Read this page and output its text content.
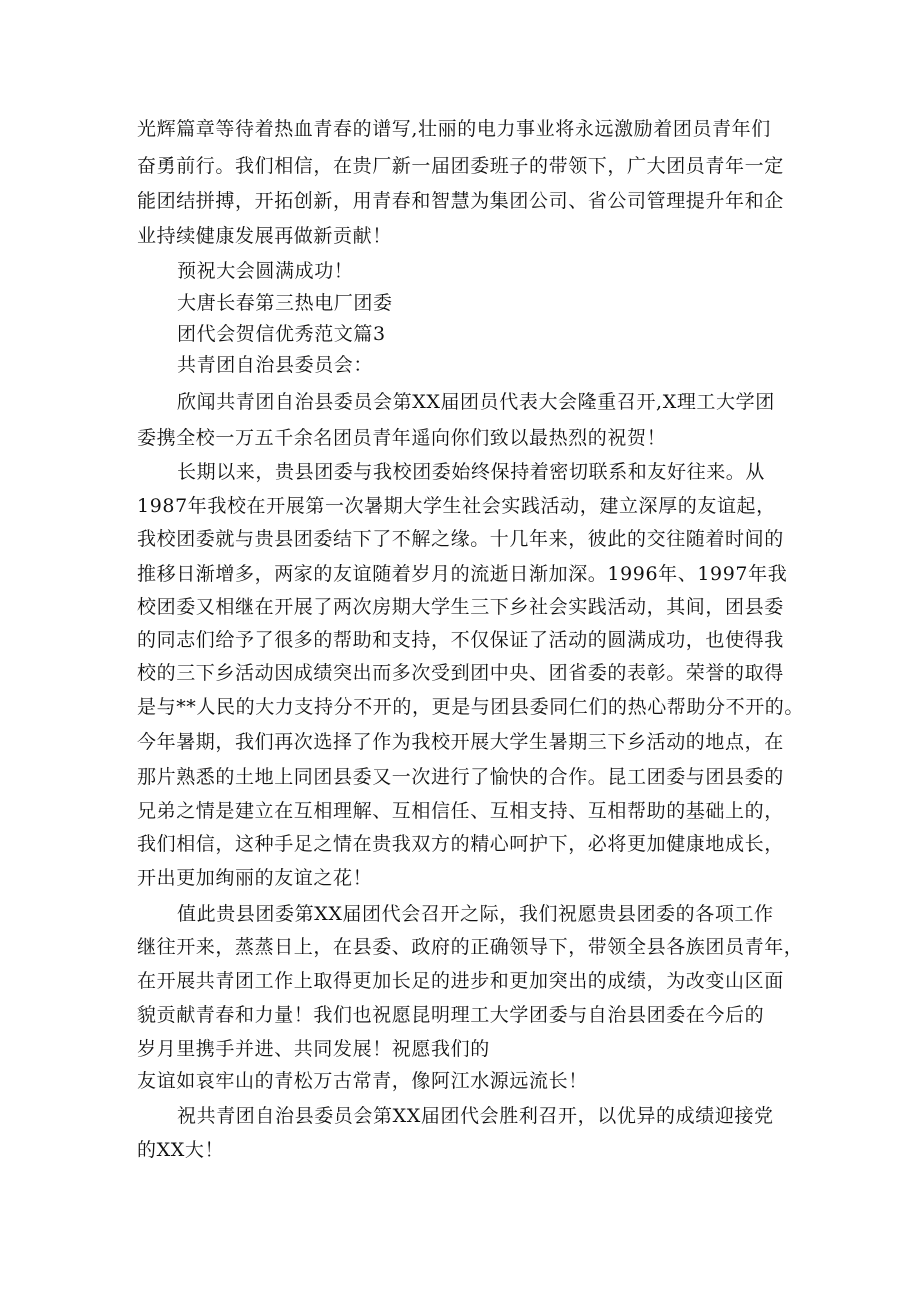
光辉篇章等待着热血青春的谱写,壮丽的电力事业将永远激励着团员青年们
奋勇前行。我们相信，在贵厂新一届团委班子的带领下，广大团员青年一定
能团结拼搏，开拓创新，用青春和智慧为集团公司、省公司管理提升年和企
业持续健康发展再做新贡献！
预祝大会圆满成功！
大唐长春第三热电厂团委
团代会贺信优秀范文篇3
共青团自治县委员会：
欣闻共青团自治县委员会第XX届团员代表大会隆重召开,X理工大学团
委携全校一万五千余名团员青年遥向你们致以最热烈的祝贺！
长期以来，贵县团委与我校团委始终保持着密切联系和友好往来。从
1987年我校在开展第一次暑期大学生社会实践活动，建立深厚的友谊起，
我校团委就与贵县团委结下了不解之缘。十几年来，彼此的交往随着时间的
推移日渐增多，两家的友谊随着岁月的流逝日渐加深。1996年、1997年我
校团委又相继在开展了两次房期大学生三下乡社会实践活动，其间，团县委
的同志们给予了很多的帮助和支持，不仅保证了活动的圆满成功，也使得我
校的三下乡活动因成绩突出而多次受到团中央、团省委的表彰。荣誉的取得
是与**人民的大力支持分不开的，更是与团县委同仁们的热心帮助分不开的。
今年暑期，我们再次选择了作为我校开展大学生暑期三下乡活动的地点，在
那片熟悉的土地上同团县委又一次进行了愉快的合作。昆工团委与团县委的
兄弟之情是建立在互相理解、互相信任、互相支持、互相帮助的基础上的，
我们相信，这种手足之情在贵我双方的精心呵护下，必将更加健康地成长，
开出更加绚丽的友谊之花！
值此贵县团委第XX届团代会召开之际，我们祝愿贵县团委的各项工作
继往开来，蒸蒸日上，在县委、政府的正确领导下，带领全县各族团员青年，
在开展共青团工作上取得更加长足的进步和更加突出的成绩，为改变山区面
貌贡献青春和力量！我们也祝愿昆明理工大学团委与自治县团委在今后的
岁月里携手并进、共同发展！祝愿我们的
友谊如哀牢山的青松万古常青，像阿江水源远流长！
祝共青团自治县委员会第XX届团代会胜利召开，以优异的成绩迎接党
的XX大！
